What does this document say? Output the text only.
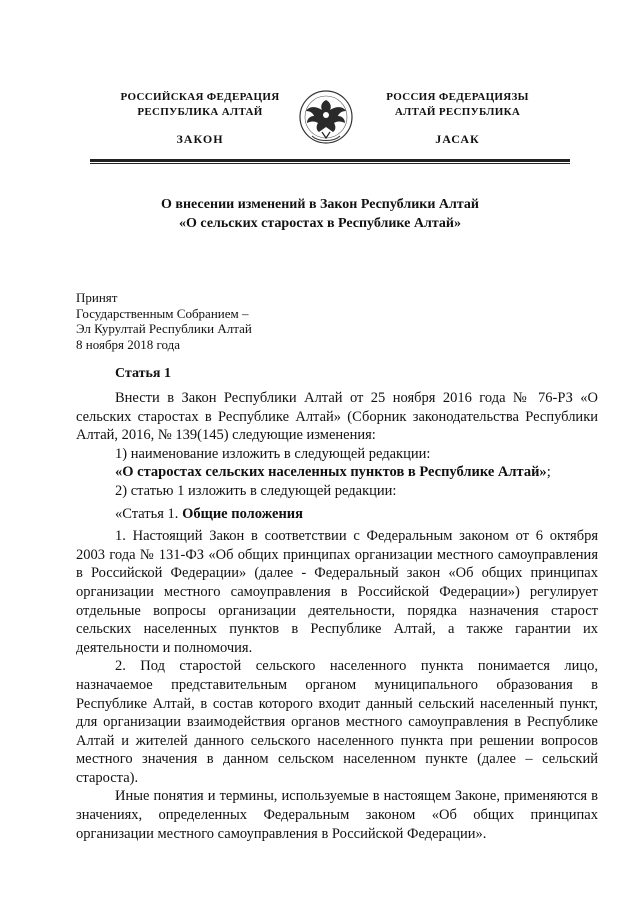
РОССИЙСКАЯ ФЕДЕРАЦИЯ
РЕСПУБЛИКА АЛТАЙ
ЗАКОН
РОССИЯ ФЕДЕРАЦИЯЗЫ
АЛТАЙ РЕСПУБЛИКА
JАСАК
О внесении изменений в Закон Республики Алтай
«О сельских старостах в Республике Алтай»
Принят
Государственным Собранием –
Эл Курултай Республики Алтай
8 ноября 2018 года
Статья 1

Внести в Закон Республики Алтай от 25 ноября 2016 года № 76-РЗ «О сельских старостах в Республике Алтай» (Сборник законодательства Республики Алтай, 2016, № 139(145) следующие изменения:

1) наименование изложить в следующей редакции:

«О старостах сельских населенных пунктов в Республике Алтай»;

2) статью 1 изложить в следующей редакции:

«Статья 1. Общие положения

1. Настоящий Закон в соответствии с Федеральным законом от 6 октября 2003 года № 131-ФЗ «Об общих принципах организации местного самоуправления в Российской Федерации» (далее - Федеральный закон «Об общих принципах организации местного самоуправления в Российской Федерации») регулирует отдельные вопросы организации деятельности, порядка назначения старост сельских населенных пунктов в Республике Алтай, а также гарантии их деятельности и полномочия.

2. Под старостой сельского населенного пункта понимается лицо, назначаемое представительным органом муниципального образования в Республике Алтай, в состав которого входит данный сельский населенный пункт, для организации взаимодействия органов местного самоуправления в Республике Алтай и жителей данного сельского населенного пункта при решении вопросов местного значения в данном сельском населенном пункте (далее – сельский староста).

Иные понятия и термины, используемые в настоящем Законе, применяются в значениях, определенных Федеральным законом «Об общих принципах организации местного самоуправления в Российской Федерации».
